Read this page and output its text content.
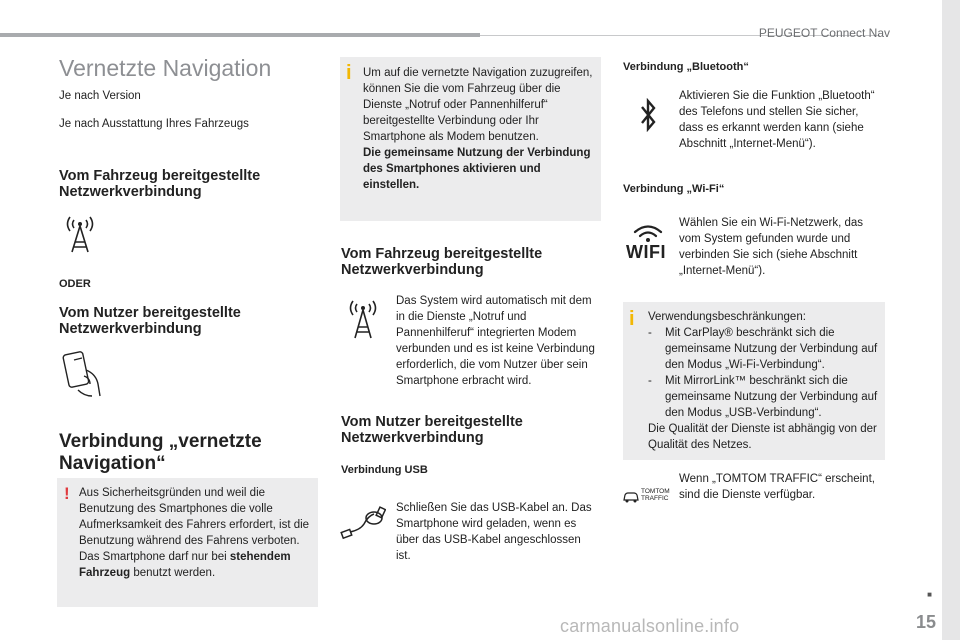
PEUGEOT Connect Nav
Vernetzte Navigation
Je nach Version
Je nach Ausstattung Ihres Fahrzeugs
Vom Fahrzeug bereitgestellte Netzwerkverbindung
ODER
Vom Nutzer bereitgestellte Netzwerkverbindung
Verbindung „vernetzte Navigation“
! Aus Sicherheitsgründen und weil die Benutzung des Smartphones die volle Aufmerksamkeit des Fahrers erfordert, ist die Benutzung während des Fahrens verboten.
Das Smartphone darf nur bei stehendem Fahrzeug benutzt werden.
i Um auf die vernetzte Navigation zuzugreifen, können Sie die vom Fahrzeug über die Dienste „Notruf oder Pannenhilferuf“ bereitgestellte Verbindung oder Ihr Smartphone als Modem benutzen.
Die gemeinsame Nutzung der Verbindung des Smartphones aktivieren und einstellen.
Vom Fahrzeug bereitgestellte Netzwerkverbindung
Das System wird automatisch mit dem in die Dienste „Notruf und Pannenhilferuf“ integrierten Modem verbunden und es ist keine Verbindung erforderlich, die vom Nutzer über sein Smartphone erbracht wird.
Vom Nutzer bereitgestellte Netzwerkverbindung
Verbindung USB
Schließen Sie das USB-Kabel an. Das Smartphone wird geladen, wenn es über das USB-Kabel angeschlossen ist.
Verbindung „Bluetooth“
Aktivieren Sie die Funktion „Bluetooth“ des Telefons und stellen Sie sicher, dass es erkannt werden kann (siehe Abschnitt „Internet-Menü“).
Verbindung „Wi-Fi“
WIFI
Wählen Sie ein Wi-Fi-Netzwerk, das vom System gefunden wurde und verbinden Sie sich (siehe Abschnitt „Internet-Menü“).
i Verwendungsbeschränkungen:
- Mit CarPlay® beschränkt sich die gemeinsame Nutzung der Verbindung auf den Modus „Wi-Fi-Verbindung“.
- Mit MirrorLink™ beschränkt sich die gemeinsame Nutzung der Verbindung auf den Modus „USB-Verbindung“.
Die Qualität der Dienste ist abhängig von der Qualität des Netzes.
TOMTOM
TRAFFIC
Wenn „TOMTOM TRAFFIC“ erscheint, sind die Dienste verfügbar.
■
15
carmanualsonline.info
